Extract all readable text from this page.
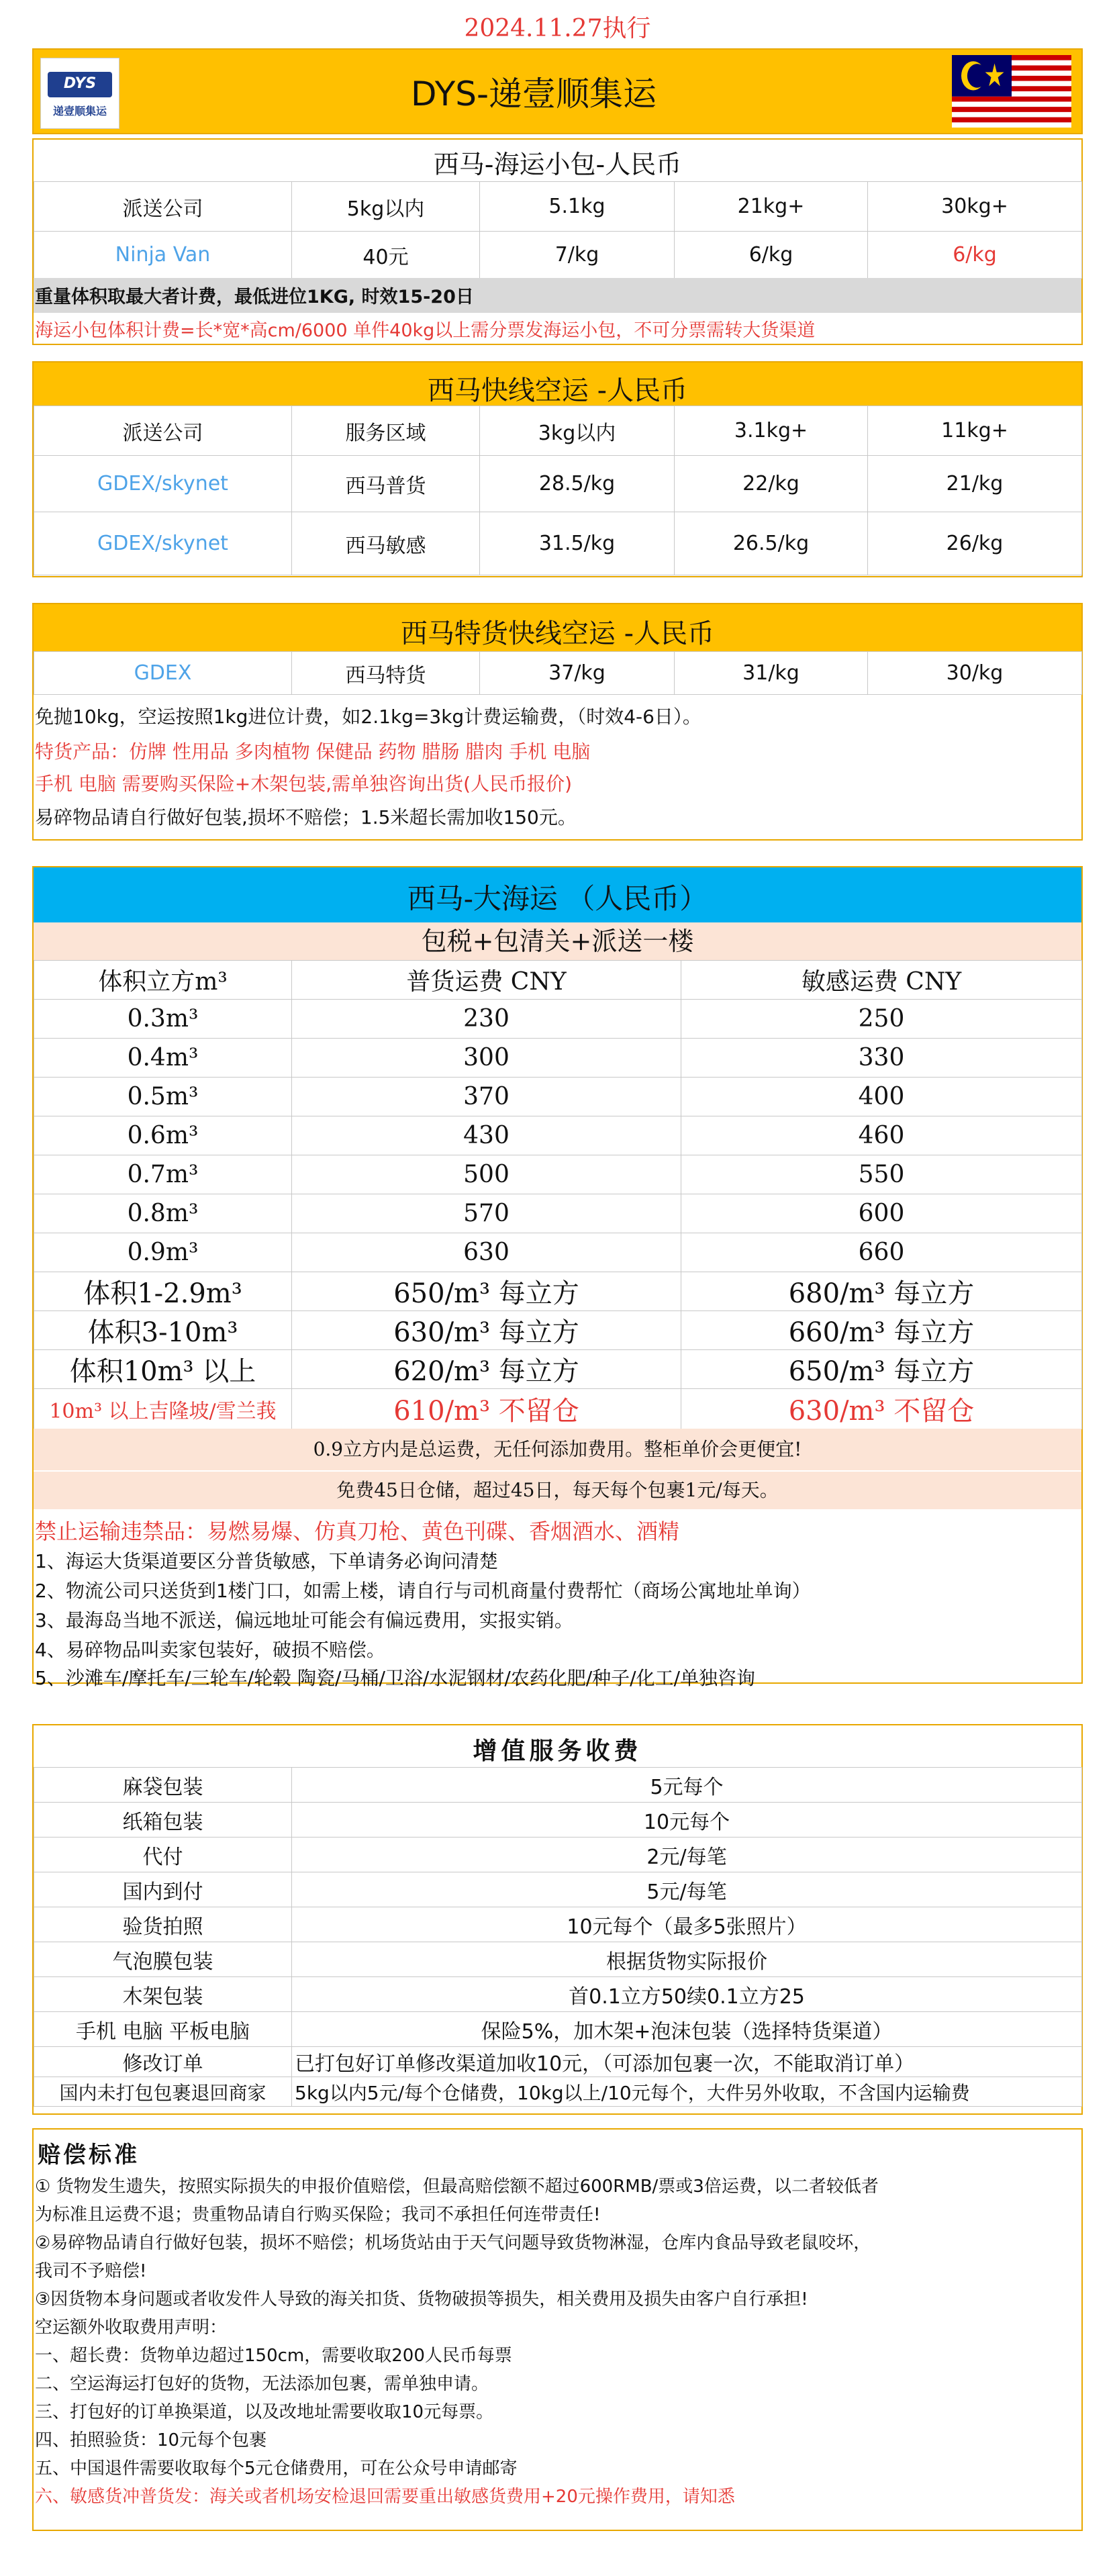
2024.11.27执行
DYS
递壹顺集运	DYS-递壹顺集运
西马-海运小包-人民币
派送公司	5kg以内	5.1kg	21kg+	30kg+
Ninja Van	40元	7/kg	6/kg	6/kg
重量体积取最大者计费，最低进位1KG, 时效15-20日
海运小包体积计费=长*宽*高cm/6000 单件40kg以上需分票发海运小包，不可分票需转大货渠道
西马快线空运 -人民币
派送公司	服务区域	3kg以内	3.1kg+	11kg+
GDEX/skynet	西马普货	28.5/kg	22/kg	21/kg
GDEX/skynet	西马敏感	31.5/kg	26.5/kg	26/kg
西马特货快线空运 -人民币
GDEX	西马特货	37/kg	31/kg	30/kg
免抛10kg，空运按照1kg进位计费，如2.1kg=3kg计费运输费，（时效4-6日）。
特货产品：仿牌 性用品 多肉植物 保健品 药物 腊肠 腊肉 手机 电脑
手机 电脑 需要购买保险+木架包装,需单独咨询出货(人民币报价)
易碎物品请自行做好包装,损坏不赔偿；1.5米超长需加收150元。
西马-大海运 （人民币）
包税+包清关+派送一楼
体积立方m³	普货运费 CNY	敏感运费 CNY
0.3m³	230	250
0.4m³	300	330
0.5m³	370	400
0.6m³	430	460
0.7m³	500	550
0.8m³	570	600
0.9m³	630	660
体积1-2.9m³	650/m³ 每立方	680/m³ 每立方
体积3-10m³	630/m³ 每立方	660/m³ 每立方
体积10m³ 以上	620/m³ 每立方	650/m³ 每立方
10m³ 以上吉隆坡/雪兰莪	610/m³ 不留仓	630/m³ 不留仓
0.9立方内是总运费，无任何添加费用。整柜单价会更便宜!
免费45日仓储，超过45日，每天每个包裹1元/每天。
禁止运输违禁品：易燃易爆、仿真刀枪、黄色刊碟、香烟酒水、酒精
1、海运大货渠道要区分普货敏感，下单请务必询问清楚
2、物流公司只送货到1楼门口，如需上楼，请自行与司机商量付费帮忙（商场公寓地址单询）
3、最海岛当地不派送，偏远地址可能会有偏远费用，实报实销。
4、易碎物品叫卖家包装好，破损不赔偿。
5、沙滩车/摩托车/三轮车/轮毂 陶瓷/马桶/卫浴/水泥钢材/农药化肥/种子/化工/单独咨询
增值服务收费
麻袋包装	5元每个
纸箱包装	10元每个
代付	2元/每笔
国内到付	5元/每笔
验货拍照	10元每个（最多5张照片）
气泡膜包装	根据货物实际报价
木架包装	首0.1立方50续0.1立方25
手机 电脑 平板电脑	保险5%，加木架+泡沫包装（选择特货渠道）
修改订单	已打包好订单修改渠道加收10元，（可添加包裹一次，不能取消订单）
国内未打包包裹退回商家	5kg以内5元/每个仓储费，10kg以上/10元每个，大件另外收取，不含国内运输费
赔偿标准
① 货物发生遗失，按照实际损失的申报价值赔偿，但最高赔偿额不超过600RMB/票或3倍运费，以二者较低者
为标准且运费不退；贵重物品请自行购买保险；我司不承担任何连带责任!
②易碎物品请自行做好包装，损坏不赔偿；机场货站由于天气问题导致货物淋湿，仓库内食品导致老鼠咬坏，
我司不予赔偿!
③因货物本身问题或者收发件人导致的海关扣货、货物破损等损失，相关费用及损失由客户自行承担!
空运额外收取费用声明：
一、超长费：货物单边超过150cm，需要收取200人民币每票
二、空运海运打包好的货物，无法添加包裹，需单独申请。
三、打包好的订单换渠道，以及改地址需要收取10元每票。
四、拍照验货：10元每个包裹
五、中国退件需要收取每个5元仓储费用，可在公众号申请邮寄
六、敏感货冲普货发：海关或者机场安检退回需要重出敏感货费用+20元操作费用，请知悉
